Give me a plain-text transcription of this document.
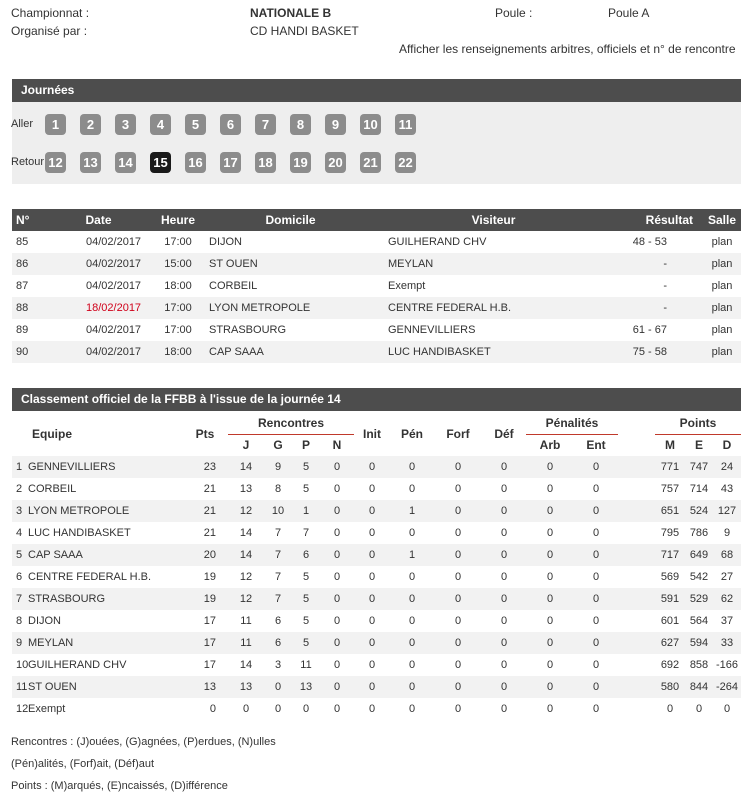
Championnat :	NATIONALE B	Poule :	Poule A
Organisé par :	CD HANDI BASKET
Afficher les renseignements arbitres, officiels et n° de rencontre
Journées
Aller
Retour
1	2	3	4	5	6	7	8	9	10 11
12 13 14 15 16 17 18 19 20 21 22
N°	Date	Heure	Domicile	Visiteur	Résultat	Salle
85	04/02/2017	17:00	DIJON	GUILHERAND CHV	48 - 53	plan
86	04/02/2017	15:00	ST OUEN	MEYLAN	-	plan
87	04/02/2017	18:00	CORBEIL	Exempt	-	plan
88	18/02/2017	17:00	LYON METROPOLE	CENTRE FEDERAL H.B.	-	plan
89	04/02/2017	17:00	STRASBOURG	GENNEVILLIERS	61 - 67	plan
90	04/02/2017	18:00	CAP SAAA	LUC HANDIBASKET	75 - 58	plan
Classement officiel de la FFBB à l'issue de la journée 14
Equipe	Pts	Rencontres				Init	Pén	Forf	Déf	Pénalités			Points		
		J	G	P	N					Arb	Ent		M	E	D
1 GENNEVILLIERS	23	14	9	5	0	0	0	0	0	0	0		771	747	24
2 CORBEIL	21	13	8	5	0	0	0	0	0	0	0		757	714	43
3 LYON METROPOLE	21	12	10	1	0	0	1	0	0	0	0		651	524	127
4 LUC HANDIBASKET	21	14	7	7	0	0	0	0	0	0	0		795	786	9
5 CAP SAAA	20	14	7	6	0	0	1	0	0	0	0		717	649	68
6 CENTRE FEDERAL H.B.	19	12	7	5	0	0	0	0	0	0	0		569	542	27
7 STRASBOURG	19	12	7	5	0	0	0	0	0	0	0		591	529	62
8 DIJON	17	11	6	5	0	0	0	0	0	0	0		601	564	37
9 MEYLAN	17	11	6	5	0	0	0	0	0	0	0		627	594	33
10GUILHERAND CHV	17	14	3	11	0	0	0	0	0	0	0		692	858	-166
11ST OUEN	13	13	0	13	0	0	0	0	0	0	0		580	844	-264
12Exempt	0	0	0	0	0	0	0	0	0	0	0		0	0	0
Rencontres : (J)ouées, (G)agnées, (P)erdues, (N)ulles
(Pén)alités, (Forf)ait, (Déf)aut
Points : (M)arqués, (E)ncaissés, (D)ifférence
